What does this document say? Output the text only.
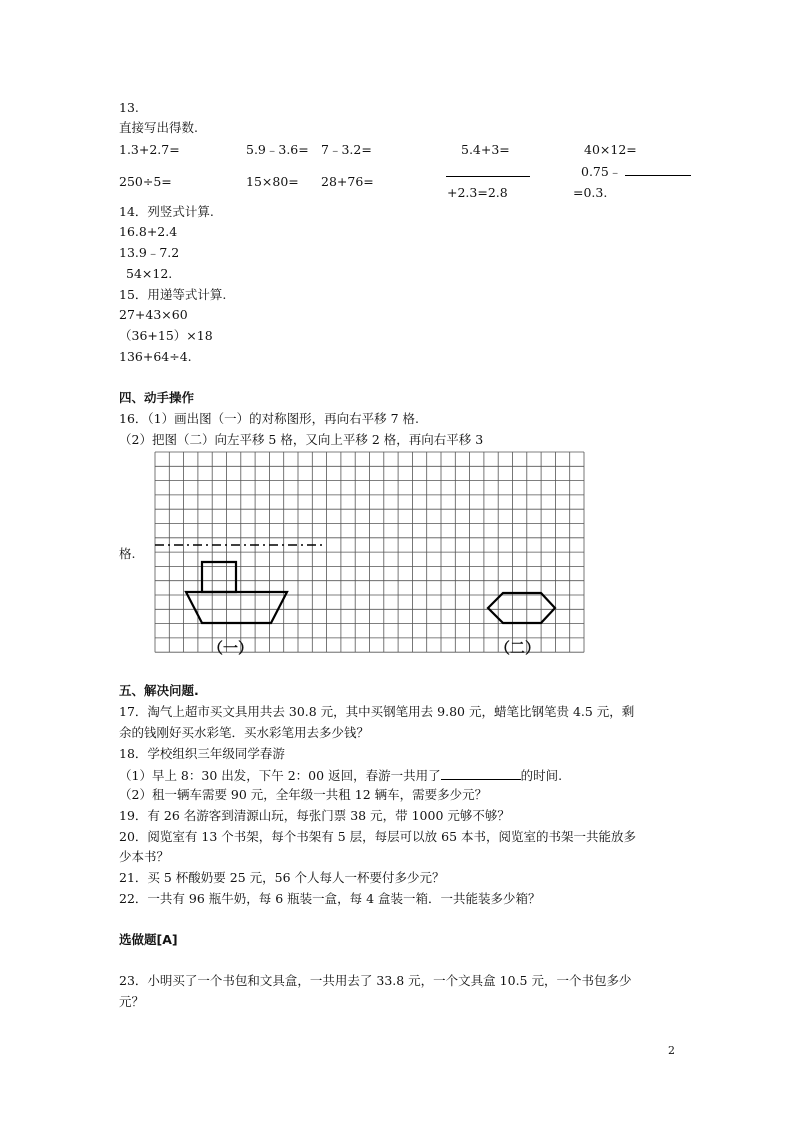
13.
直接写出得数.
1.3+2.7=	5.9﹣3.6= 7﹣3.2=	5.4+3=	40×12=
0.75﹣
250÷5=	15×80= 28+76=
+2.3=2.8	=0.3.
14．列竖式计算.
16.8+2.4
13.9﹣7.2
54×12.
15．用递等式计算.
27+43×60
（36+15）×18
136+64÷4.
四、动手操作
16．（1）画出图（一）的对称图形，再向右平移 7 格.
（2）把图（二）向左平移 5 格，又向上平移 2 格，再向右平移 3
格.
（一）	（二）
五、解决问题.
17．淘气上超市买文具用共去 30.8 元，其中买钢笔用去 9.80 元，蜡笔比钢笔贵 4.5 元，剩
余的钱刚好买水彩笔．买水彩笔用去多少钱？
18．学校组织三年级同学春游
（1）早上 8：30 出发，下午 2：00 返回，春游一共用了	的时间.
（2）租一辆车需要 90 元，全年级一共租 12 辆车，需要多少元？
19．有 26 名游客到清源山玩，每张门票 38 元，带 1000 元够不够？
20．阅览室有 13 个书架，每个书架有 5 层，每层可以放 65 本书，阅览室的书架一共能放多
少本书？
21．买 5 杯酸奶要 25 元，56 个人每人一杯要付多少元？
22．一共有 96 瓶牛奶，每 6 瓶装一盒，每 4 盒装一箱．一共能装多少箱？
选做题[A]
23．小明买了一个书包和文具盒，一共用去了 33.8 元，一个文具盒 10.5 元，一个书包多少
元？
2
